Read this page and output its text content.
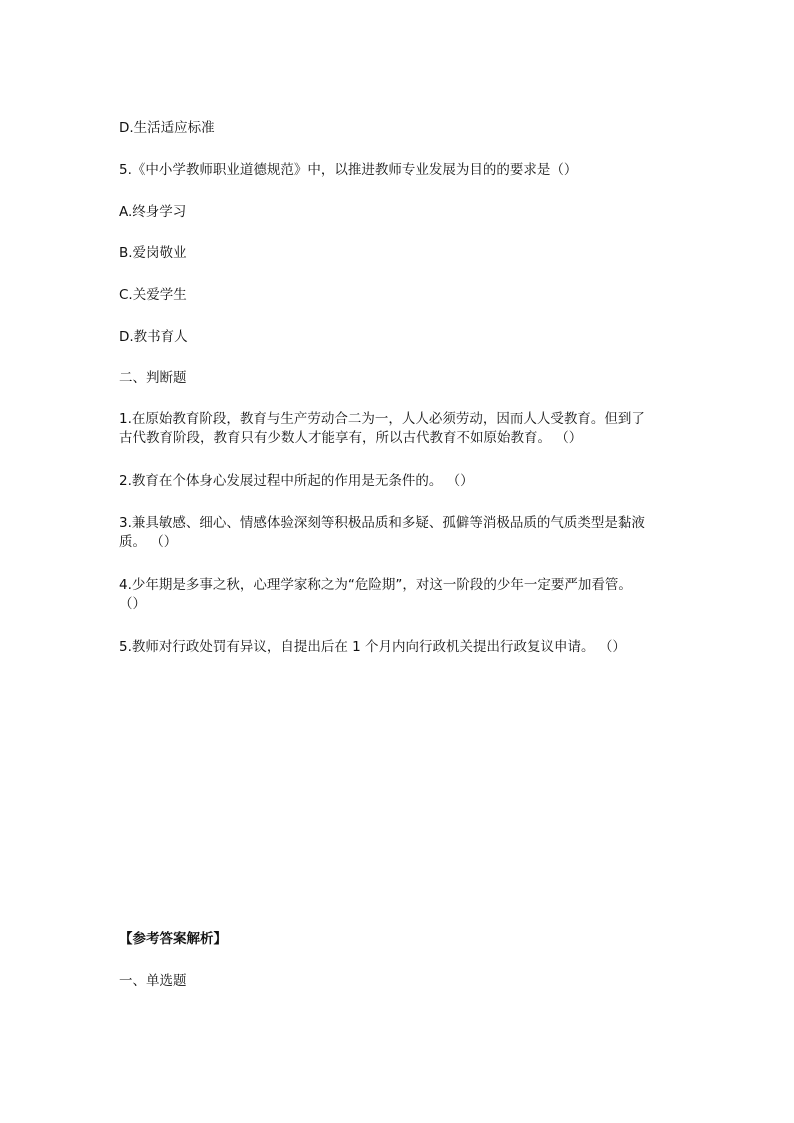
D.生活适应标准
5.《中小学教师职业道德规范》中，以推进教师专业发展为目的的要求是（）
A.终身学习
B.爱岗敬业
C.关爱学生
D.教书育人
二、判断题
1.在原始教育阶段，教育与生产劳动合二为一，人人必须劳动，因而人人受教育。但到了
古代教育阶段，教育只有少数人才能享有，所以古代教育不如原始教育。 （）
2.教育在个体身心发展过程中所起的作用是无条件的。 （）
3.兼具敏感、细心、情感体验深刻等积极品质和多疑、孤僻等消极品质的气质类型是黏液
质。 （）
4.少年期是多事之秋，心理学家称之为“危险期”，对这一阶段的少年一定要严加看管。
（）
5.教师对行政处罚有异议，自提出后在 1 个月内向行政机关提出行政复议申请。 （）
【参考答案解析】
一、单选题
